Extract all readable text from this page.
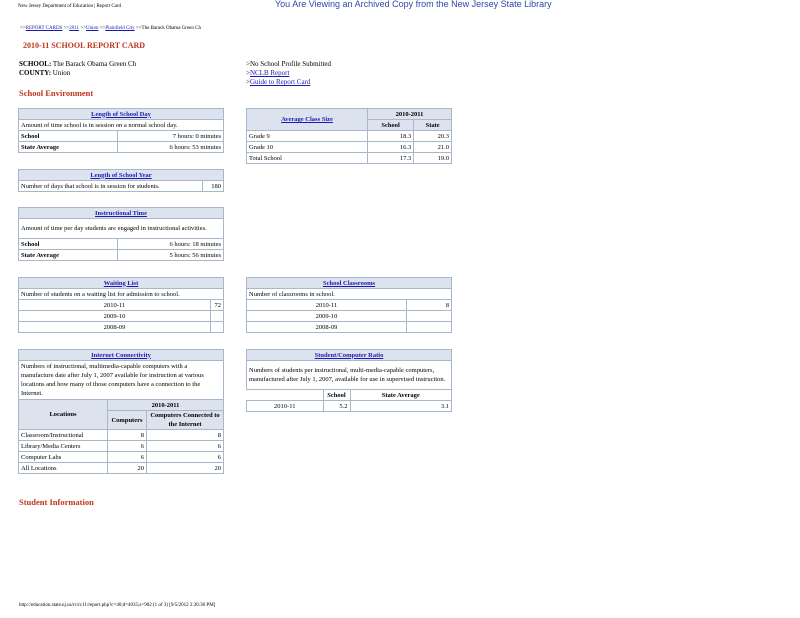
New Jersey Department of Education | Report Card	You Are Viewing an Archived Copy from the New Jersey State Library
>>REPORT CARDS >>2011 >>Union >>Plainfield City >>The Barack Obama Green Ch
2010-11 SCHOOL REPORT CARD
SCHOOL: The Barack Obama Green Ch
COUNTY: Union
>No School Profile Submitted
>NCLB Report
>Guide to Report Card
School Environment
Length of School Day	
Amount of time school is in session on a normal school day.	
School	7 hours: 0 minutes
State Average	6 hours: 53 minutes
Average Class Size	2010-2011	
	School	State
Grade 9	18.3	20.3
Grade 10	16.3	21.0
Total School	17.3	19.0
Length of School Year
Number of days that school is in session for students.	180
Instructional Time	
Amount of time per day students are engaged in instructional activities.	
School	6 hours: 18 minutes
State Average	5 hours: 56 minutes
Waiting List	
Number of students on a waiting list for admission to school.	
2010-11	72
2009-10	
2008-09	
School Classrooms	
Number of classrooms in school.	
2010-11	8
2009-10	
2008-09	
Internet Connectivity		
Numbers of instructional, multimedia-capable computers with a manufacture date after July 1, 2007 available for instruction at various locations and how many of those computers have a connection to the Internet.		
Locations	2010-2011	
	Computers	Computers Connected to the Internet
Classroom/Instructional	8	8
Library/Media Centers	6	6
Computer Labs	6	6
All Locations	20	20
Student/Computer Ratio		
Numbers of students per instructional, multi-media-capable computers, manufactured after July 1, 2007, available for use in supervised instruction.		
	School	State Average
2010-11	5.2	3.1
Student Information
http://education.state.nj.us/rc/rc11/report.php?c=40;d=4035;s=902 (1 of 3) [9/5/2012 2:36:30 PM]
